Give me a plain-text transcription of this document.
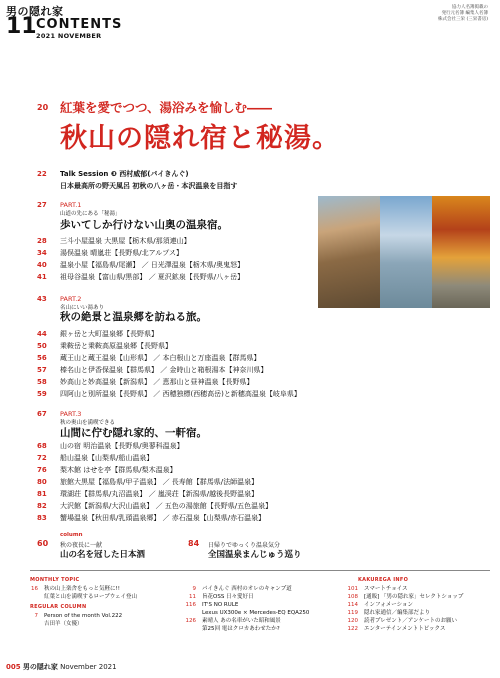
男の隠れ家
11 CONTENTS
2021 NOVEMBER
協力人名簿掲載の
発行元名簿 編集人名簿
株式会社三栄 (三栄書房)
20 紅葉を愛でつつ、湯浴みを愉しむ――
秋山の隠れ宿と秘湯。
22	Talk Session ❸ 西村威郁(パイきんぐ)
日本最高所の野天風呂 初秋の八ヶ岳・本沢温泉を目指す
27	PART.1
山道の先にある「秘湯」
歩いてしか行けない山奥の温泉宿。
28	三斗小屋温泉 大黒屋【栃木県/那須連山】
34	湯俣温泉 晴嵐荘【長野県/北アルプス】
40	温泉小屋【福島県/尾瀬】 ／ 日光澤温泉【栃木県/奥鬼怒】
41	祖母谷温泉【富山県/黒部】 ／ 夏沢鉱泉【長野県/八ヶ岳】
43	PART.2
名山にいい湯あり
秋の絶景と温泉郷を訪ねる旅。
44	銀ヶ岳と大町温泉郷【長野県】
50	乗鞍岳と乗鞍高原温泉郷【長野県】
56	蔵王山と蔵王温泉【山形県】 ／ 本白根山と万座温泉【群馬県】
57	榛名山と伊香保温泉【群馬県】 ／ 金時山と箱根湯本【神奈川県】
58	妙高山と妙高温泉【新潟県】 ／ 恵那山と昼神温泉【長野県】
59	四阿山と別所温泉【長野県】 ／ 西穂独標(西穂高岳)と新穂高温泉【岐阜県】
67	PART.3
秋の奥山を満喫できる
山間に佇む隠れ家的、一軒宿。
68	山の宿 明治温泉【長野県/奥蓼科温泉】
72	船山温泉【山梨県/船山温泉】
76	梨木館 はせを亭【群馬県/梨木温泉】
80	旅館大黒屋【福島県/甲子温泉】 ／ 長寿館【群馬県/法師温泉】
81	環湖荘【群馬県/丸沼温泉】 ／ 嵐渓荘【新潟県/越後長野温泉】
82	大沢館【新潟県/大沢山温泉】 ／ 五色の湯旅館【長野県/五色温泉】
83	蟹場温泉【秋田県/乳頭温泉郷】 ／ 赤石温泉【山梨県/赤石温泉】
column
60 秋の夜長に一献
山の名を冠した日本酒
84 日帰りでゆっくり温泉気分
全国温泉まんじゅう巡り
MONTHLY TOPIC
16 秋の山上楽舎をもっと気軽に!!
紅葉と山を満喫するロープウェイ登山
REGULAR COLUMN
7 Person of the month Vol.222
吉田羊（女優）
9 パイきんぐ 西村のオレのキャンプ道
11 旨花OSS 日々愛好日
116 IT'S NO RULE
Lexus UX300e × Mercedes-EQ EQA250
126 素晴人 あの名車がいた昭和風景
第25回 電はクロカあわせたか?
KAKUREGA INFO
101 スマートチョイス
108 [通販] 「男の隠れ家」セレクトショップ
114 インフォメーション
119 隠れ家通信／編集部だより
120 読者プレゼント／アンケートのお願い
122 エンターテインメントトピックス
005 男の隠れ家 November 2021
